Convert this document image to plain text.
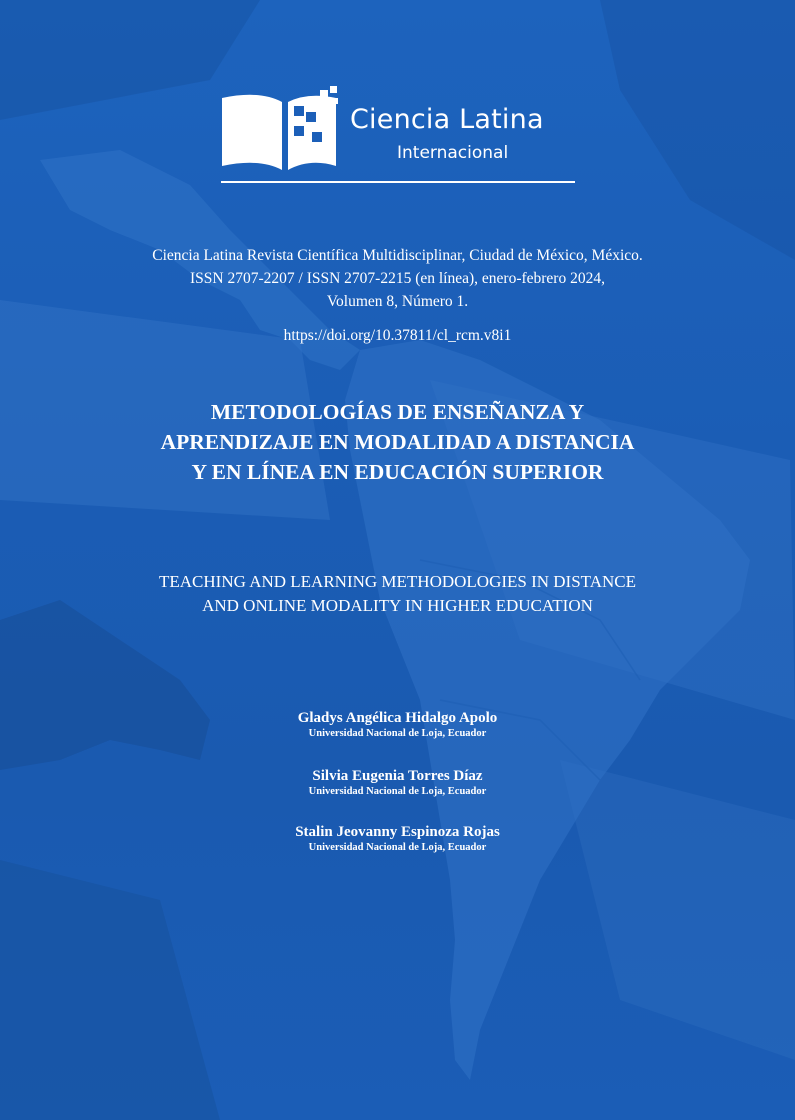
Ciencia Latina
Internacional

Ciencia Latina Revista Científica Multidisciplinar, Ciudad de México, México.

ISSN 2707-2207 / ISSN 2707-2215 (en línea), enero-febrero 2024,

Volumen 8, Número 1.

https://doi.org/10.37811/cl_rcm.v8i1
METODOLOGÍAS DE ENSEÑANZA Y
APRENDIZAJE EN MODALIDAD A DISTANCIA
Y EN LÍNEA EN EDUCACIÓN SUPERIOR
TEACHING AND LEARNING METHODOLOGIES IN DISTANCE
AND ONLINE MODALITY IN HIGHER EDUCATION
Gladys Angélica Hidalgo Apolo
Universidad Nacional de Loja, Ecuador
Silvia Eugenia Torres Díaz
Universidad Nacional de Loja, Ecuador
Stalin Jeovanny Espinoza Rojas
Universidad Nacional de Loja, Ecuador
